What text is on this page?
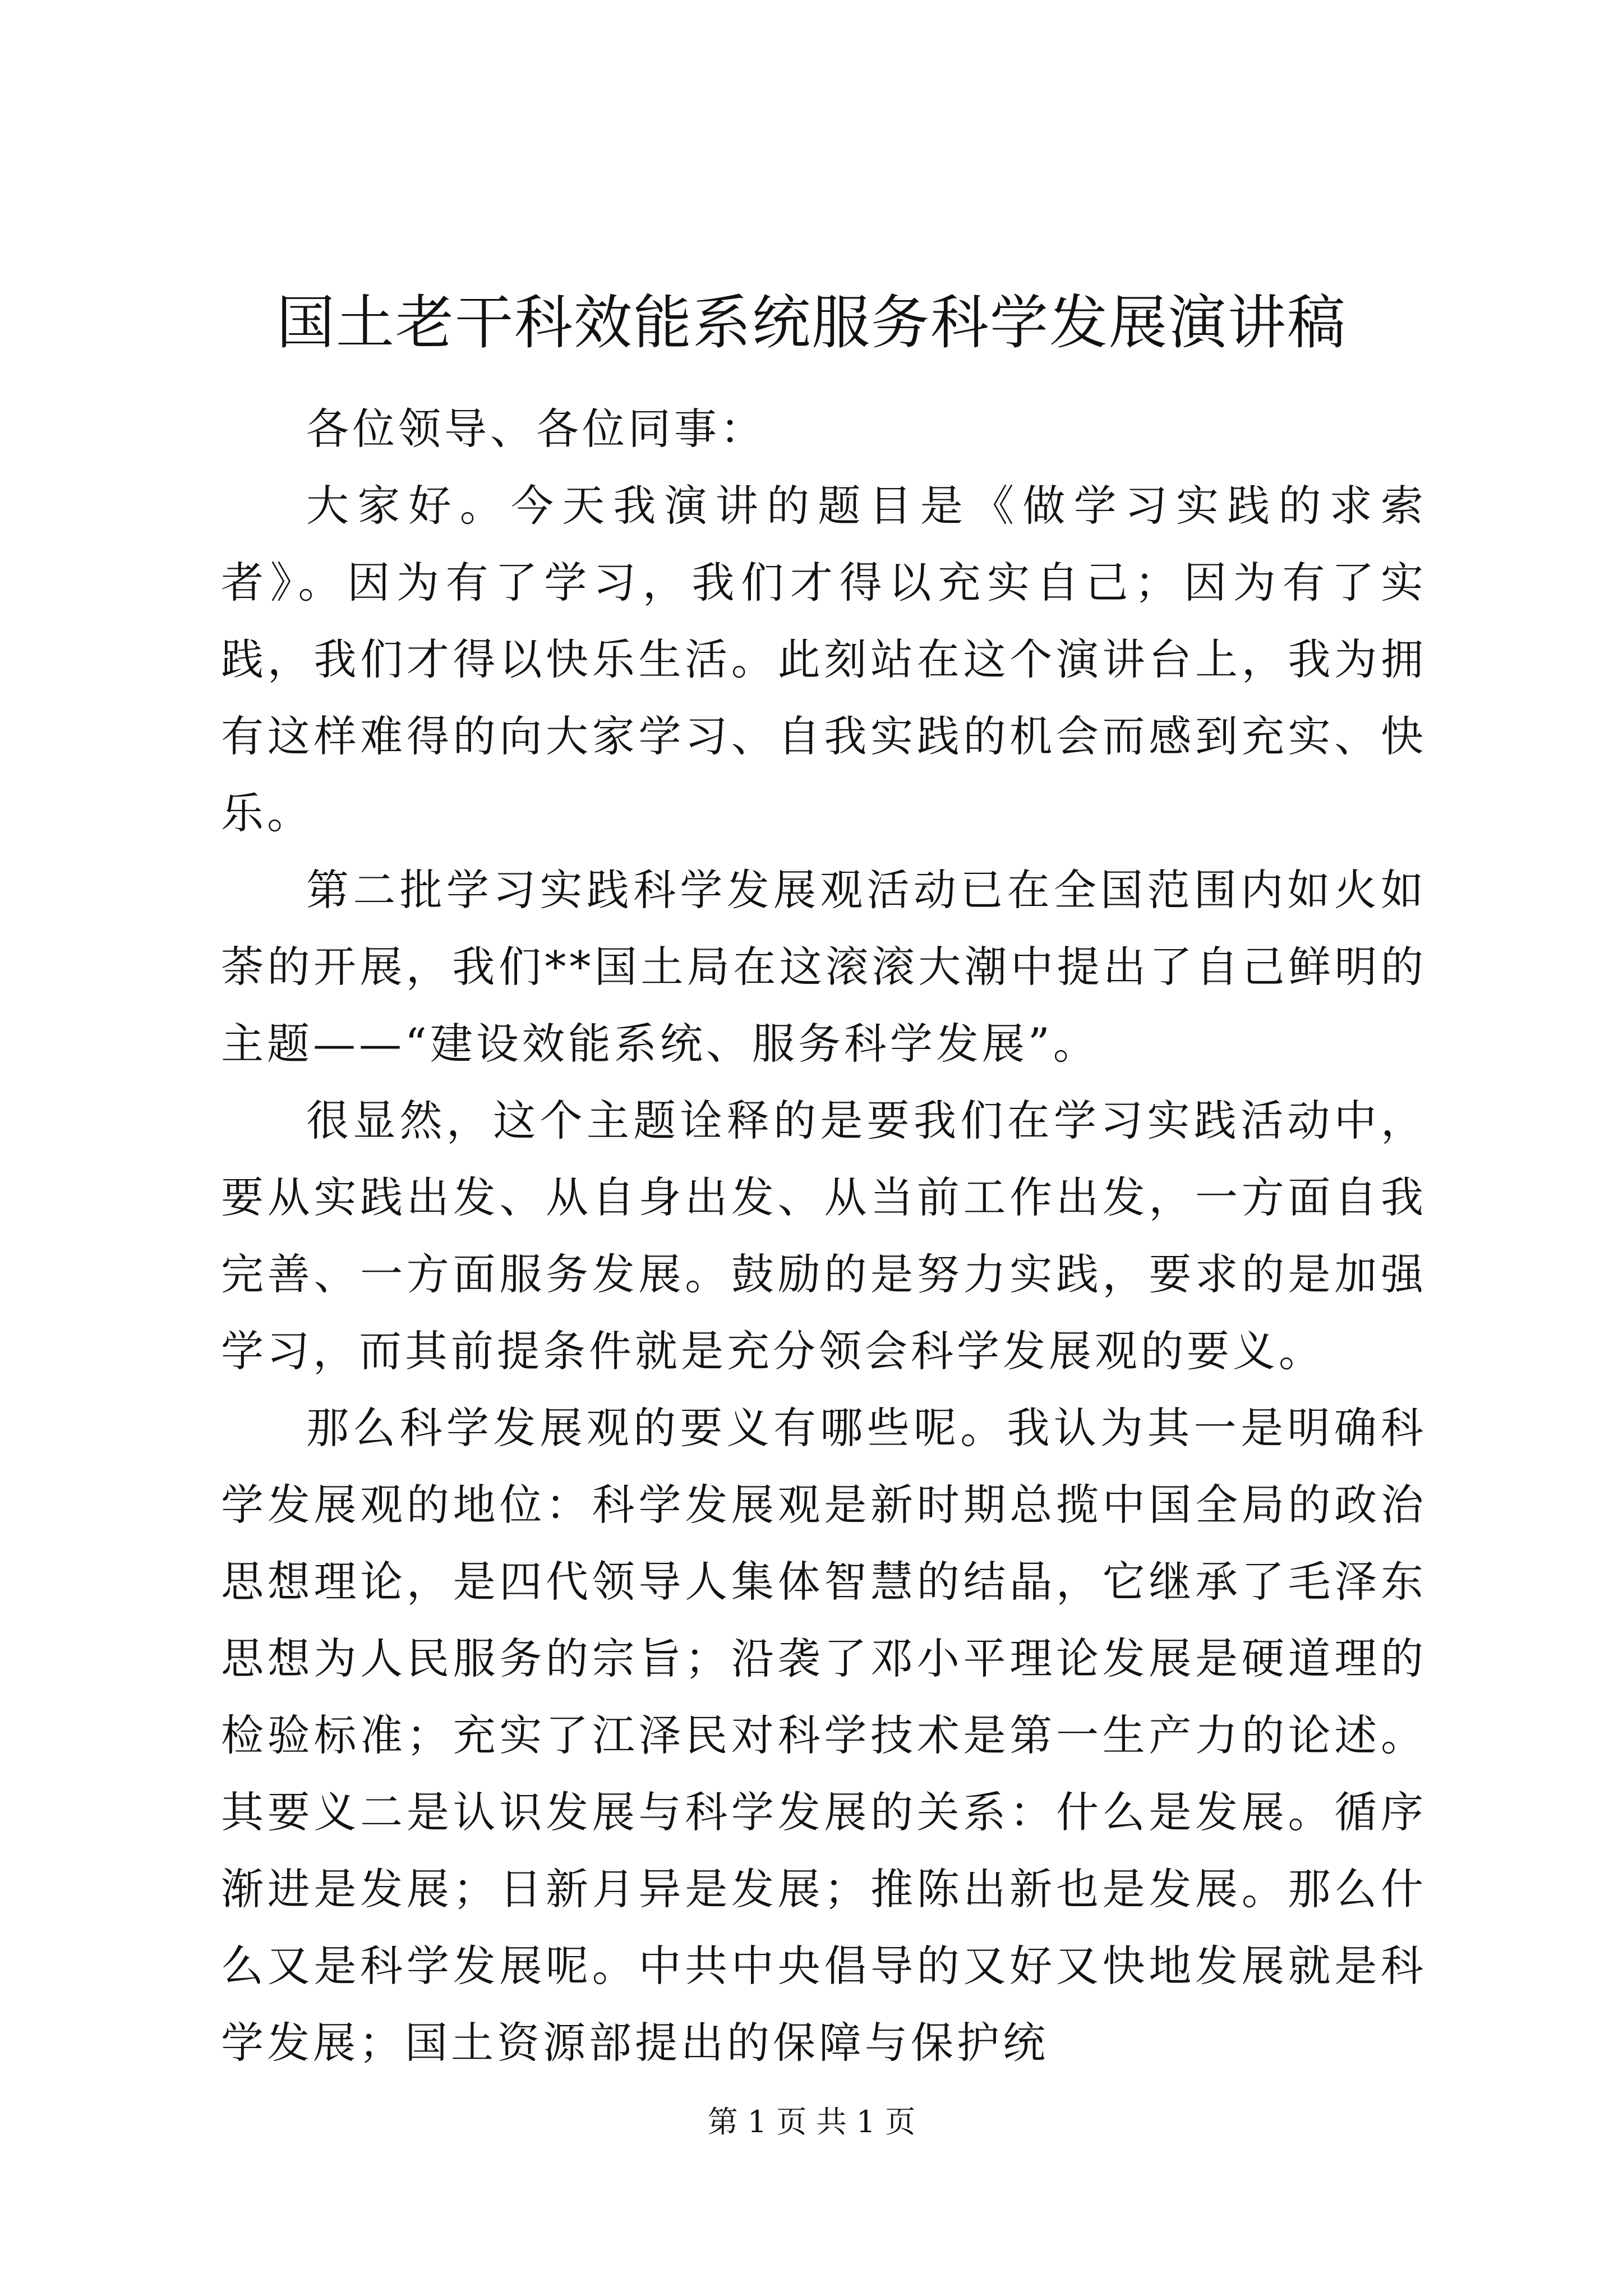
国土老干科效能系统服务科学发展演讲稿

各位领导、各位同事：

大家好。今天我演讲的题目是《做学习实践的求索者》。因为有了学习，我们才得以充实自己；因为有了实践，我们才得以快乐生活。此刻站在这个演讲台上，我为拥有这样难得的向大家学习、自我实践的机会而感到充实、快乐。

第二批学习实践科学发展观活动已在全国范围内如火如荼的开展，我们**国土局在这滚滚大潮中提出了自己鲜明的主题——“建设效能系统、服务科学发展”。

很显然，这个主题诠释的是要我们在学习实践活动中，要从实践出发、从自身出发、从当前工作出发，一方面自我完善、一方面服务发展。鼓励的是努力实践，要求的是加强学习，而其前提条件就是充分领会科学发展观的要义。

那么科学发展观的要义有哪些呢。我认为其一是明确科学发展观的地位：科学发展观是新时期总揽中国全局的政治思想理论，是四代领导人集体智慧的结晶，它继承了毛泽东思想为人民服务的宗旨；沿袭了邓小平理论发展是硬道理的检验标准；充实了江泽民对科学技术是第一生产力的论述。其要义二是认识发展与科学发展的关系：什么是发展。循序渐进是发展；日新月异是发展；推陈出新也是发展。那么什么又是科学发展呢。中共中央倡导的又好又快地发展就是科学发展；国土资源部提出的保障与保护统

第 1 页 共 1 页
